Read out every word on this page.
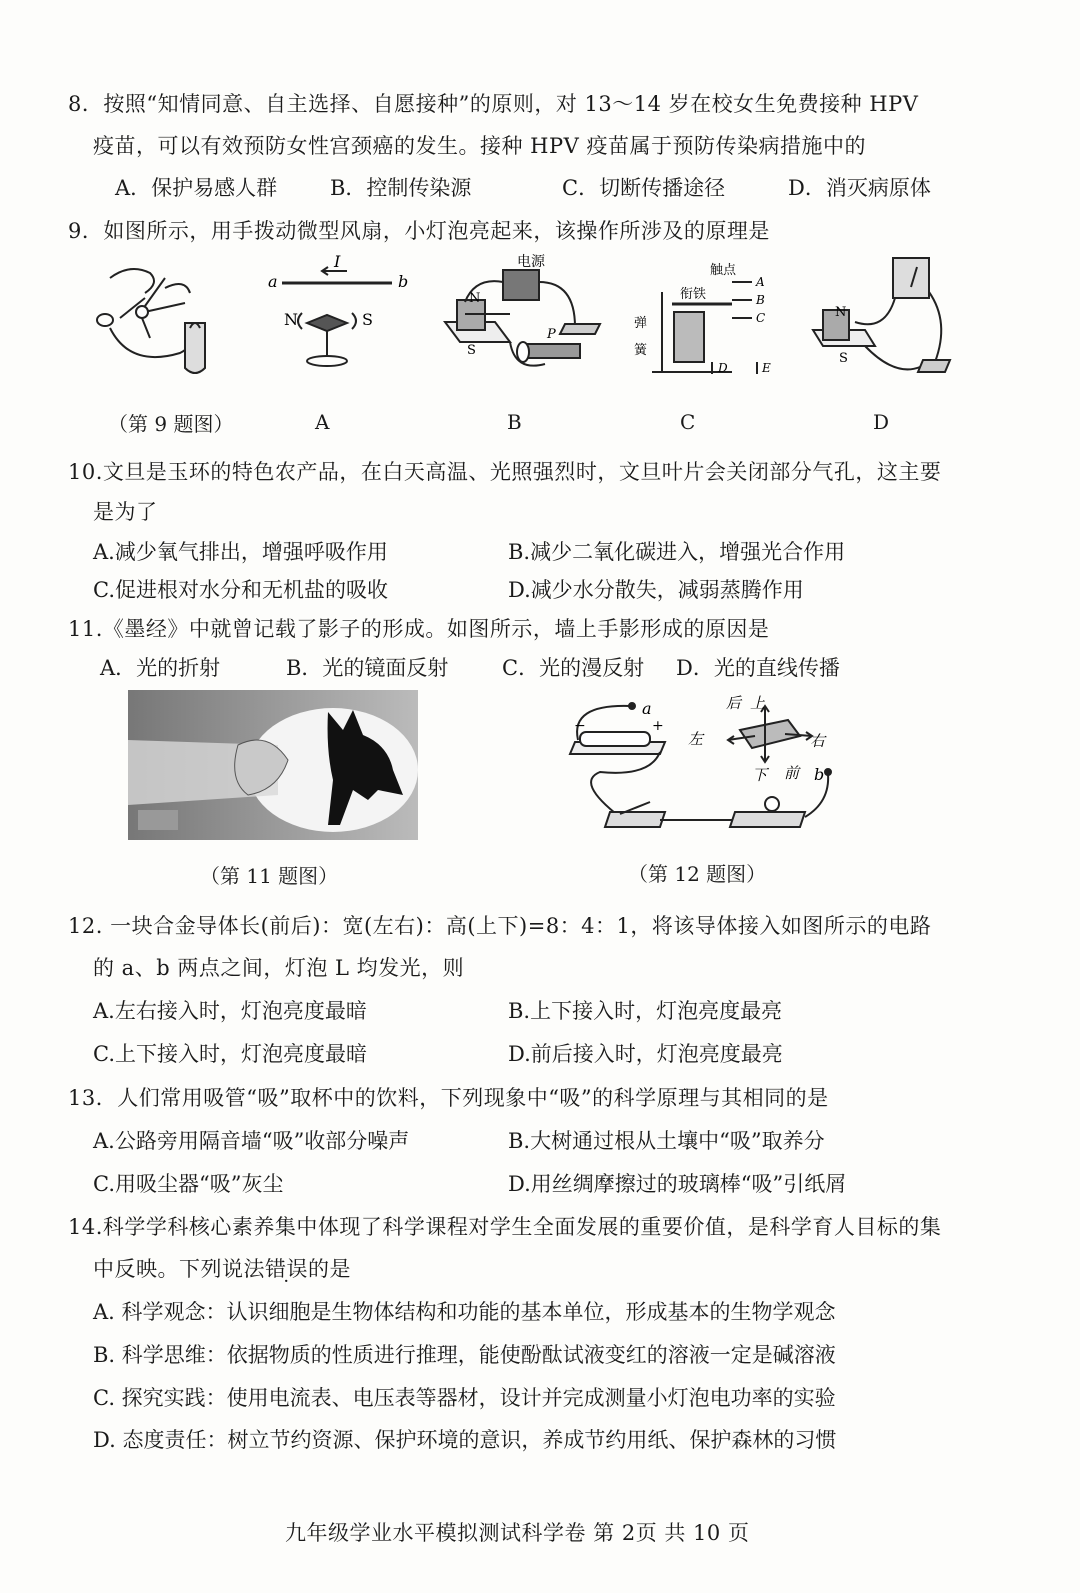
8．按照“知情同意、自主选择、自愿接种”的原则，对 13～14 岁在校女生免费接种 HPV
疫苗，可以有效预防女性宫颈癌的发生。接种 HPV 疫苗属于预防传染病措施中的
A．保护易感人群	B．控制传染源	C．切断传播途径	D．消灭病原体
9．如图所示，用手拨动微型风扇，小灯泡亮起来，该操作所涉及的原理是
（第 9 题图）
a	b
I
N	S
A
电源
N
S
P
B
弹
簧
衔铁
触点
A
B
C
D	E
C
N
S
D
10.文旦是玉环的特色农产品，在白天高温、光照强烈时，文旦叶片会关闭部分气孔，这主要
是为了
A.减少氧气排出，增强呼吸作用	B.减少二氧化碳进入，增强光合作用
C.促进根对水分和无机盐的吸收	D.减少水分散失，减弱蒸腾作用
11.《墨经》中就曾记载了影子的形成。如图所示，墙上手影形成的原因是
A．光的折射	B．光的镜面反射	C．光的漫反射 D．光的直线传播
（第 11 题图）
a
b
后 上
左	右
下 前
−	+
（第 12 题图）
12. 一块合金导体长(前后)：宽(左右)：高(上下)=8：4：1，将该导体接入如图所示的电路
的 a、b 两点之间，灯泡 L 均发光，则
A.左右接入时，灯泡亮度最暗	B.上下接入时，灯泡亮度最亮
C.上下接入时，灯泡亮度最暗	D.前后接入时，灯泡亮度最亮
13．人们常用吸管“吸”取杯中的饮料，下列现象中“吸”的科学原理与其相同的是
A.公路旁用隔音墙“吸”收部分噪声	B.大树通过根从土壤中“吸”取养分
C.用吸尘器“吸”灰尘	D.用丝绸摩擦过的玻璃棒“吸”引纸屑
14.科学学科核心素养集中体现了科学课程对学生全面发展的重要价值，是科学育人目标的集
中反映。下列说法错误的是
A. 科学观念：认识细胞是生物体结构和功能的基本单位，形成基本的生物学观念
B. 科学思维：依据物质的性质进行推理，能使酚酞试液变红的溶液一定是碱溶液
C. 探究实践：使用电流表、电压表等器材，设计并完成测量小灯泡电功率的实验
D. 态度责任：树立节约资源、保护环境的意识，养成节约用纸、保护森林的习惯
九年级学业水平模拟测试科学卷 第 2页 共 10 页
